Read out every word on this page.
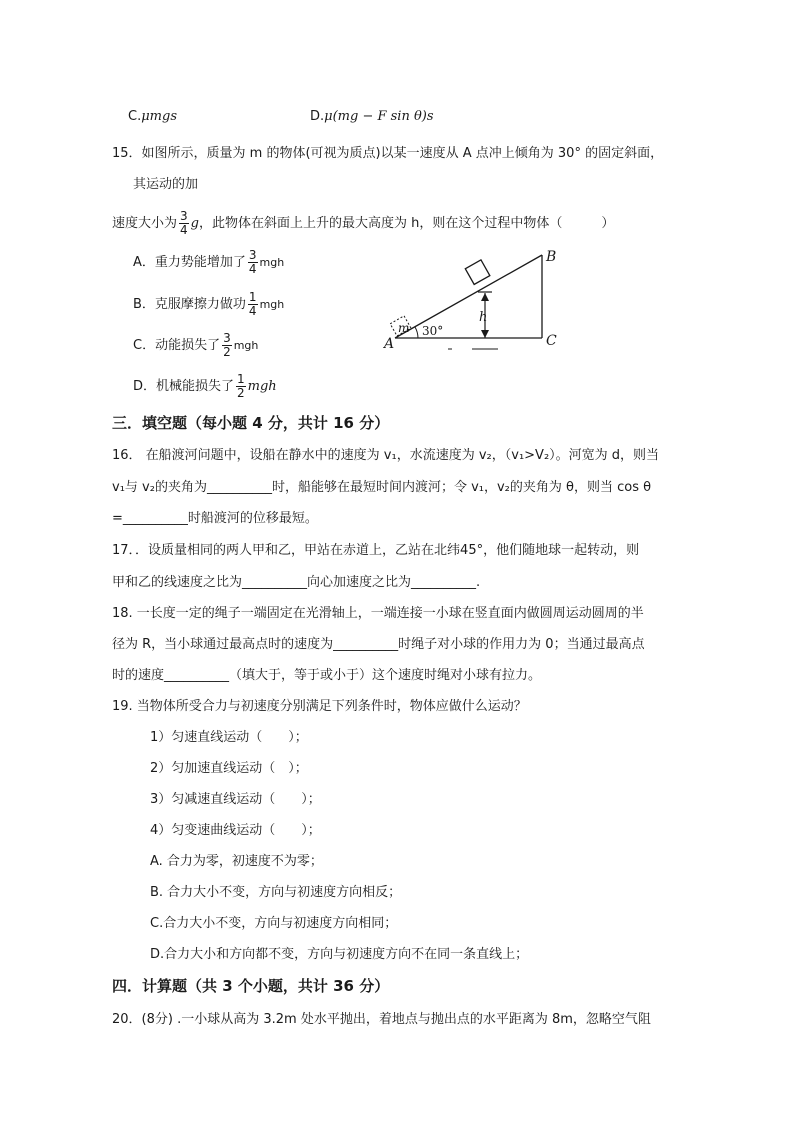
C.μmgs	D.μ(mg − F sin θ)s
15．如图所示，质量为 m 的物体(可视为质点)以某一速度从 A 点冲上倾角为 30° 的固定斜面，
其运动的加
速度大小为 $\frac{3}{4}$ g，此物体在斜面上上升的最大高度为 h，则在这个过程中物体（　　　）
A．重力势能增加了 $\frac{3}{4}$ mgh
B．克服摩擦力做功 $\frac{1}{4}$ mgh
C．动能损失了 $\frac{3}{2}$ mgh
D．机械能损失了 $\frac{1}{2}$ mgh
A
B
C
h
m 30°
三．填空题（每小题 4 分，共计 16 分）
16． 在船渡河问题中，设船在静水中的速度为 v₁，水流速度为 v₂，（v₁>V₂）。河宽为 d，则当
v₁与 v₂的夹角为__________时，船能够在最短时间内渡河；令 v₁，v₂的夹角为 θ，则当 cos θ
=__________时船渡河的位移最短。
17．．设质量相同的两人甲和乙，甲站在赤道上，乙站在北纬45°，他们随地球一起转动，则
甲和乙的线速度之比为__________向心加速度之比为__________.
18. 一长度一定的绳子一端固定在光滑轴上，一端连接一小球在竖直面内做圆周运动圆周的半
径为 R，当小球通过最高点时的速度为__________时绳子对小球的作用力为 0；当通过最高点
时的速度__________（填大于，等于或小于）这个速度时绳对小球有拉力。
19. 当物体所受合力与初速度分别满足下列条件时，物体应做什么运动？
1）匀速直线运动（　　）；
2）匀加速直线运动（　）；
3）匀减速直线运动（　　）；
4）匀变速曲线运动（　　）；
A. 合力为零，初速度不为零；
B. 合力大小不变，方向与初速度方向相反；
C.合力大小不变，方向与初速度方向相同；
D.合力大小和方向都不变，方向与初速度方向不在同一条直线上；
四．计算题（共 3 个小题，共计 36 分）
20．(8分) .一小球从高为 3.2m 处水平抛出，着地点与抛出点的水平距离为 8m，忽略空气阻
